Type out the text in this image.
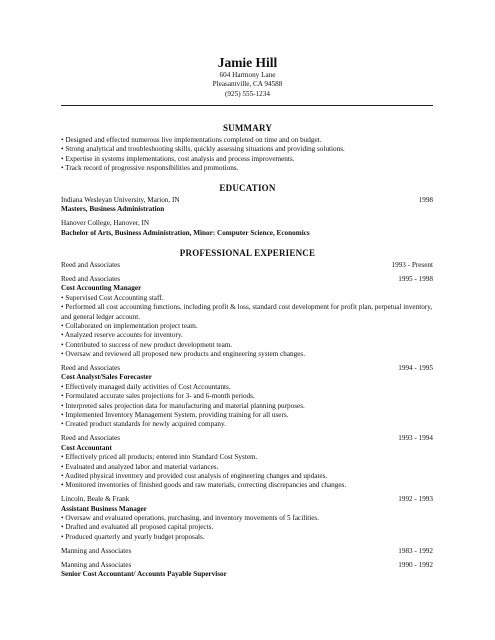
Jamie Hill
604 Harmony Lane
Pleasantville, CA 94588
(925) 555-1234
SUMMARY
• Designed and effected numerous live implementations completed on time and on budget.
• Strong analytical and troubleshooting skills, quickly assessing situations and providing solutions.
• Expertise in systems implementations, cost analysis and process improvements.
• Track record of progressive responsibilities and promotions.
EDUCATION
Indiana Wesleyan University, Marion, IN	1998
Masters, Business Administration
Hanover College, Hanover, IN
Bachelor of Arts, Business Administration, Minor: Computer Science, Economics
PROFESSIONAL EXPERIENCE
Reed and Associates	1993 - Present
Reed and Associates	1995 - 1998
Cost Accounting Manager
• Supervised Cost Accounting staff.
• Performed all cost accounting functions, including profit & loss, standard cost development for profit plan, perpetual inventory, and general ledger account.
• Collaborated on implementation project team.
• Analyzed reserve accounts for inventory.
• Contributed to success of new product development team.
• Oversaw and reviewed all proposed new products and engineering system changes.
Reed and Associates	1994 - 1995
Cost Analyst/Sales Forecaster
• Effectively managed daily activities of Cost Accountants.
• Formulated accurate sales projections for 3- and 6-month periods.
• Interpreted sales projection data for manufacturing and material planning purposes.
• Implemented Inventory Management System, providing training for all users.
• Created product standards for newly acquired company.
Reed and Associates	1993 - 1994
Cost Accountant
• Effectively priced all products; entered into Standard Cost System.
• Evaluated and analyzed labor and material variances.
• Audited physical inventory and provided cost analysis of engineering changes and updates.
• Monitored inventories of finished goods and raw materials, correcting discrepancies and changes.
Lincoln, Beale & Frank	1992 - 1993
Assistant Business Manager
• Oversaw and evaluated operations, purchasing, and inventory movements of 5 facilities.
• Drafted and evaluated all proposed capital projects.
• Produced quarterly and yearly budget proposals.
Manning and Associates	1983 - 1992
Manning and Associates	1990 - 1992
Senior Cost Accountant/ Accounts Payable Supervisor
